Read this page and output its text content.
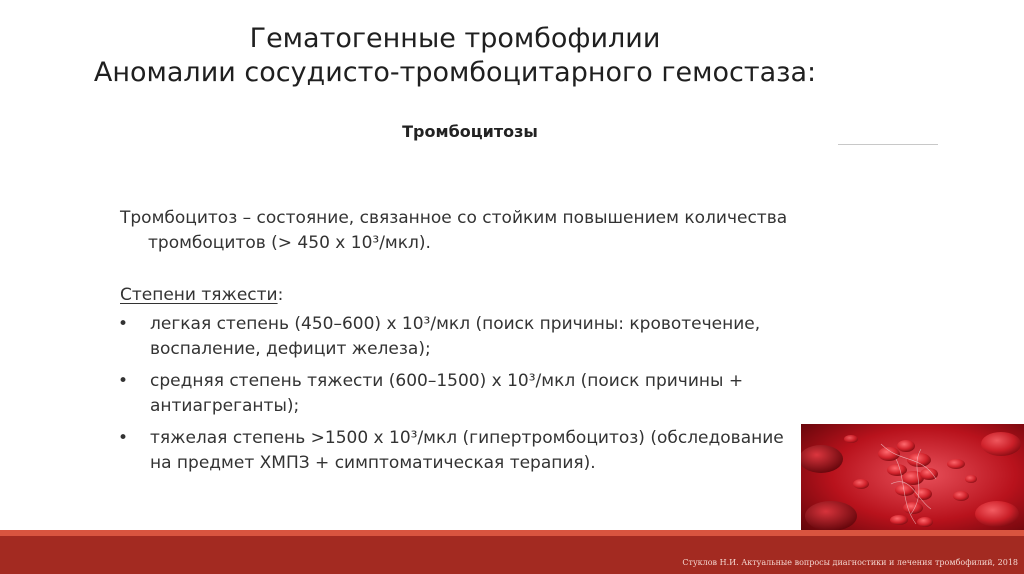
Гематогенные тромбофилии
Аномалии сосудисто-тромбоцитарного гемостаза:
Тромбоцитозы
Тромбоцитоз – состояние, связанное со стойким повышением количества тромбоцитов (> 450 х 10³/мкл).
Степени тяжести:
• легкая степень (450–600) х 10³/мкл (поиск причины: кровотечение, воспаление, дефицит железа);
• средняя степень тяжести (600–1500) х 10³/мкл (поиск причины + антиагреганты);
• тяжелая степень >1500 х 10³/мкл (гипертромбоцитоз) (обследование на предмет ХМПЗ + симптоматическая терапия).
Стуклов Н.И. Актуальные вопросы диагностики и лечения тромбофилий, 2018
